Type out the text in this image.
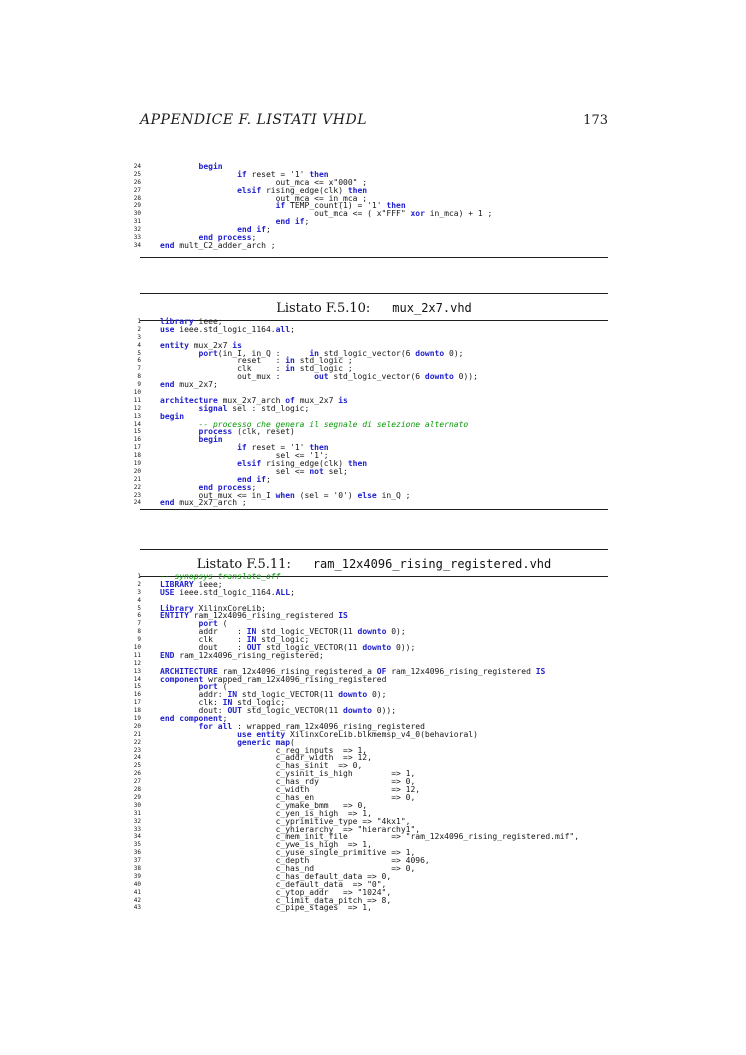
APPENDICE F. LISTATI VHDL	173
24	begin
25	if reset = '1' then
26 out_mca <= x"000" ;
27	elsif rising_edge(clk) then
28 out_mca <= in_mca ;
29	if TEMP_count(1) = '1' then
30 out_mca <= ( x"FFF" xor in_mca) + 1 ;
31	end if;
32	end if;
33	end process;
34 end mult_C2_adder_arch ;
Listato F.5.10: mux_2x7.vhd
1 library ieee;
2 use ieee.std_logic_1164.all;
3
4 entity mux_2x7 is
5	port(in_I, in_Q :      in std_logic_vector(6 downto 0);
6 reset   : in std_logic ;
7 clk     : in std_logic ;
8 out_mux :       out std_logic_vector(6 downto 0));
9 end mux_2x7;
10
11 architecture mux_2x7_arch of mux_2x7 is
12	signal sel : std_logic;
13 begin
14	-- processo che genera il segnale di selezione alternato
15	process (clk, reset)
16	begin
17	if reset = '1' then
18 sel <= '1';
19	elsif rising_edge(clk) then
20 sel <= not sel;
21	end if;
22	end process;
23 out_mux <= in_I when (sel = '0') else in_Q ;
24 end mux_2x7_arch ;
Listato F.5.11: ram_12x4096_rising_registered.vhd
1 -- synopsys translate_off
2 LIBRARY ieee;
3 USE ieee.std_logic_1164.ALL;
4
5 Library XilinxCoreLib;
6 ENTITY ram_12x4096_rising_registered IS
7	port (
8 addr    : IN std_logic_VECTOR(11 downto 0);
9 clk     : IN std_logic;
10 dout    : OUT std_logic_VECTOR(11 downto 0));
11 END ram_12x4096_rising_registered;
12
13 ARCHITECTURE ram_12x4096_rising_registered_a OF ram_12x4096_rising_registered IS
14 component wrapped_ram_12x4096_rising_registered
15	port (
16 addr: IN std_logic_VECTOR(11 downto 0);
17 clk: IN std_logic;
18 dout: OUT std_logic_VECTOR(11 downto 0));
19 end component;
20	for all : wrapped_ram_12x4096_rising_registered
21	use entity XilinxCoreLib.blkmemsp_v4_0(behavioral)
22	generic map(
23 c_reg_inputs  => 1,
24 c_addr_width  => 12,
25 c_has_sinit  => 0,
26 c_ysinit_is_high        => 1,
27 c_has_rdy               => 0,
28 c_width                 => 12,
29 c_has_en                => 0,
30 c_ymake_bmm   => 0,
31 c_yen_is_high  => 1,
32 c_yprimitive_type => "4kx1",
33 c_yhierarchy  => "hierarchy1",
34 c_mem_init_file         => "ram_12x4096_rising_registered.mif",
35 c_ywe_is_high  => 1,
36 c_yuse_single_primitive => 1,
37 c_depth                 => 4096,
38 c_has_nd                => 0,
39 c_has_default_data => 0,
40 c_default_data  => "0",
41 c_ytop_addr   => "1024",
42 c_limit_data_pitch => 8,
43 c_pipe_stages  => 1,
